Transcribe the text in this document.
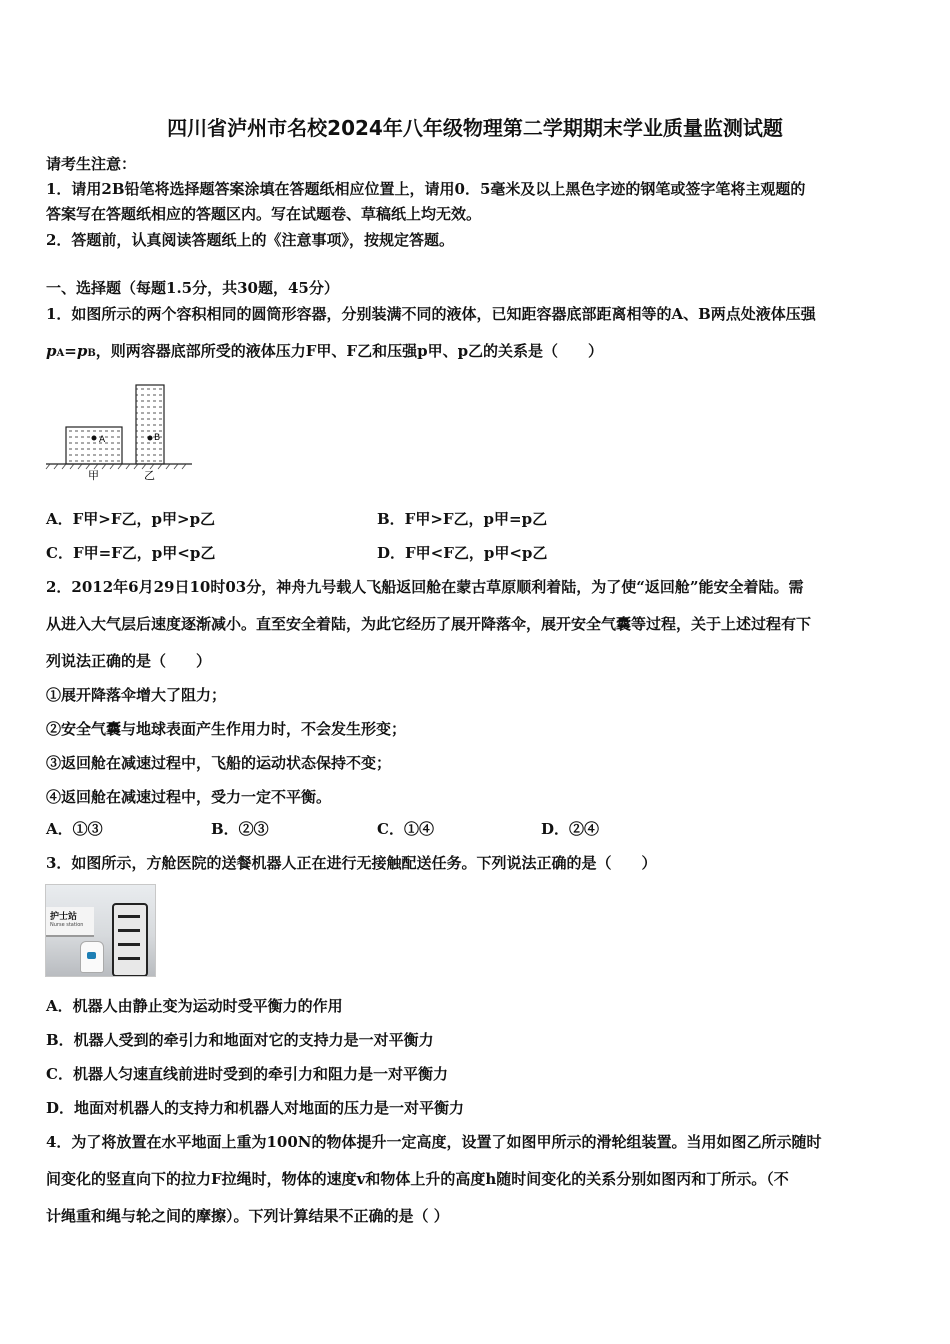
四川省泸州市名校2024年八年级物理第二学期期末学业质量监测试题
请考生注意：
1．请用2B铅笔将选择题答案涂填在答题纸相应位置上，请用0．5毫米及以上黑色字迹的钢笔或签字笔将主观题的
答案写在答题纸相应的答题区内。写在试题卷、草稿纸上均无效。
2．答题前，认真阅读答题纸上的《注意事项》，按规定答题。
一、选择题（每题1.5分，共30题，45分）
1．如图所示的两个容积相同的圆筒形容器，分别装满不同的液体，已知距容器底部距离相等的A、B两点处液体压强
pA=pB，则两容器底部所受的液体压力F甲、F乙和压强p甲、p乙的关系是（　　）
A	B
甲	乙
A．F甲>F乙，p甲>p乙	B．F甲>F乙，p甲=p乙
C．F甲=F乙，p甲<p乙	D．F甲<F乙，p甲<p乙
2．2012年6月29日10时03分，神舟九号载人飞船返回舱在蒙古草原顺利着陆，为了使“返回舱”能安全着陆。需
从进入大气层后速度逐渐减小。直至安全着陆，为此它经历了展开降落伞，展开安全气囊等过程，关于上述过程有下
列说法正确的是（　　）
①展开降落伞增大了阻力；
②安全气囊与地球表面产生作用力时，不会发生形变；
③返回舱在减速过程中，飞船的运动状态保持不变；
④返回舱在减速过程中，受力一定不平衡。
A．①③	B．②③	C．①④	D．②④
3．如图所示，方舱医院的送餐机器人正在进行无接触配送任务。下列说法正确的是（　　）
护士站
Nurse station
A．机器人由静止变为运动时受平衡力的作用
B．机器人受到的牵引力和地面对它的支持力是一对平衡力
C．机器人匀速直线前进时受到的牵引力和阻力是一对平衡力
D．地面对机器人的支持力和机器人对地面的压力是一对平衡力
4．为了将放置在水平地面上重为100N的物体提升一定高度，设置了如图甲所示的滑轮组装置。当用如图乙所示随时
间变化的竖直向下的拉力F拉绳时，物体的速度v和物体上升的高度h随时间变化的关系分别如图丙和丁所示。（不
计绳重和绳与轮之间的摩擦）。下列计算结果不正确的是（ ）
